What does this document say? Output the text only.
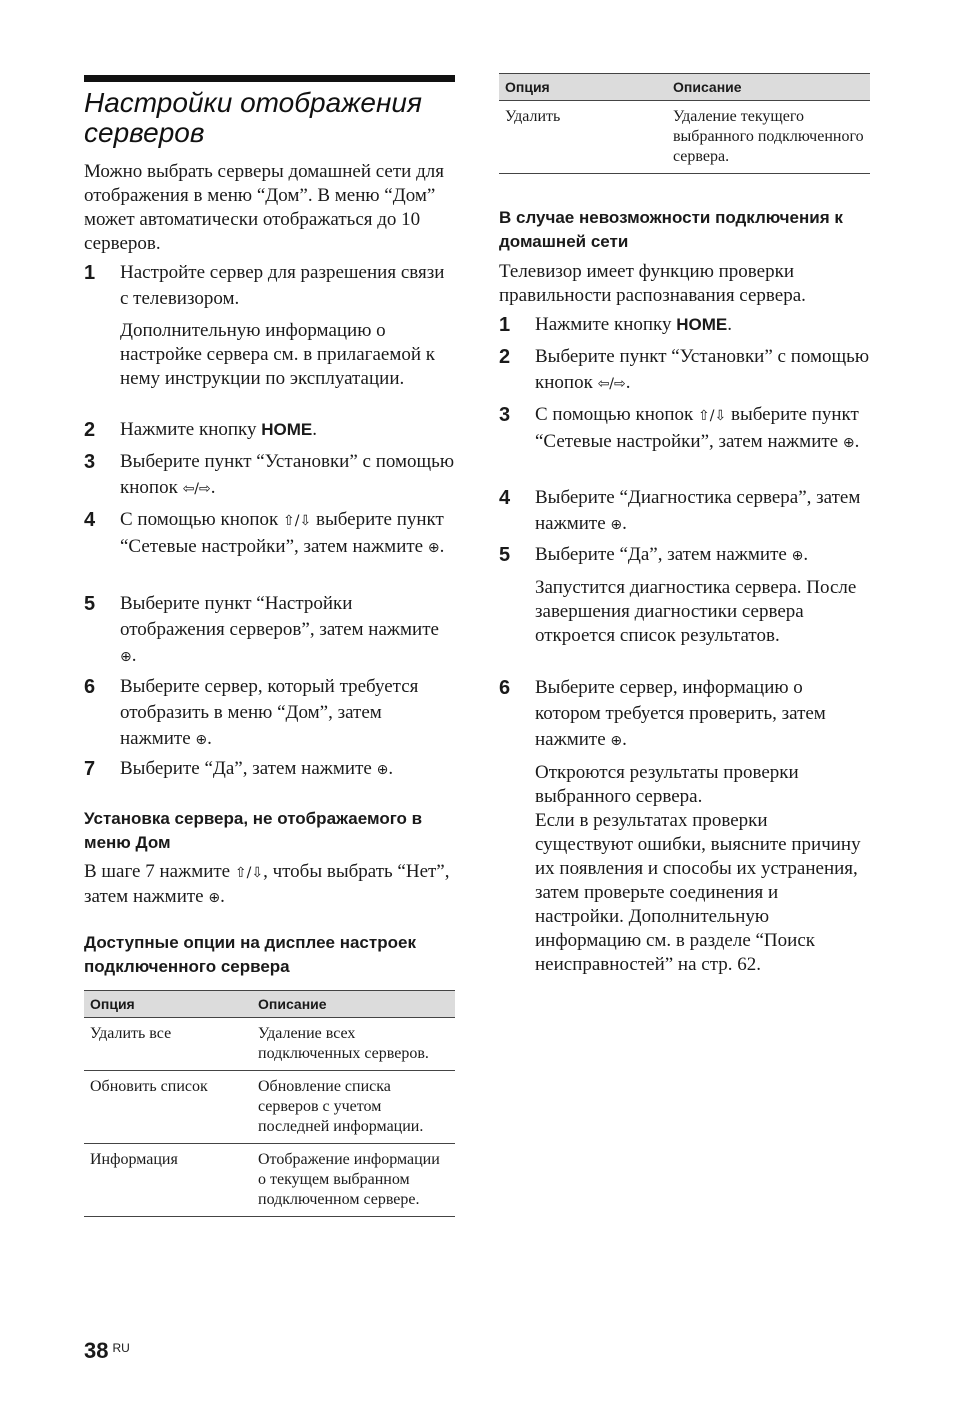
Настройки отображения серверов

Можно выбрать серверы домашней сети для отображения в меню “Дом”. В меню “Дом” может автоматически отображаться до 10 серверов.

1 Настройте сервер для разрешения связи с телевизором.
Дополнительную информацию о настройке сервера см. в прилагаемой к нему инструкции по эксплуатации.
2 Нажмите кнопку HOME.
3 Выберите пункт “Установки” с помощью кнопок ⇦/⇨.
4 С помощью кнопок ⇧/⇩ выберите пункт “Сетевые настройки”, затем нажмите ⊕.
5 Выберите пункт “Настройки отображения серверов”, затем нажмите ⊕.
6 Выберите сервер, который требуется отобразить в меню “Дом”, затем нажмите ⊕.
7 Выберите “Да”, затем нажмите ⊕.
Установка сервера, не отображаемого в меню Дом

В шаге 7 нажмите ⇧/⇩, чтобы выбрать “Нет”, затем нажмите ⊕.

Доступные опции на дисплее настроек подключенного сервера
Опция	Описание
Удалить все	Удаление всех подключенных серверов.
Обновить список	Обновление списка серверов с учетом последней информации.
Информация	Отображение информации о текущем выбранном подключенном сервере.
Опция	Описание
Удалить	Удаление текущего выбранного подключенного сервера.
В случае невозможности подключения к домашней сети

Телевизор имеет функцию проверки правильности распознавания сервера.

1 Нажмите кнопку HOME.
2 Выберите пункт “Установки” с помощью кнопок ⇦/⇨.
3 С помощью кнопок ⇧/⇩ выберите пункт “Сетевые настройки”, затем нажмите ⊕.
4 Выберите “Диагностика сервера”, затем нажмите ⊕.
5 Выберите “Да”, затем нажмите ⊕.
Запустится диагностика сервера. После завершения диагностики сервера откроется список результатов.
6 Выберите сервер, информацию о котором требуется проверить, затем нажмите ⊕.
Откроются результаты проверки выбранного сервера.
Если в результатах проверки существуют ошибки, выясните причину их появления и способы их устранения, затем проверьте соединения и настройки. Дополнительную информацию см. в разделе “Поиск неисправностей” на стр. 62.
38 $^{RU}$
